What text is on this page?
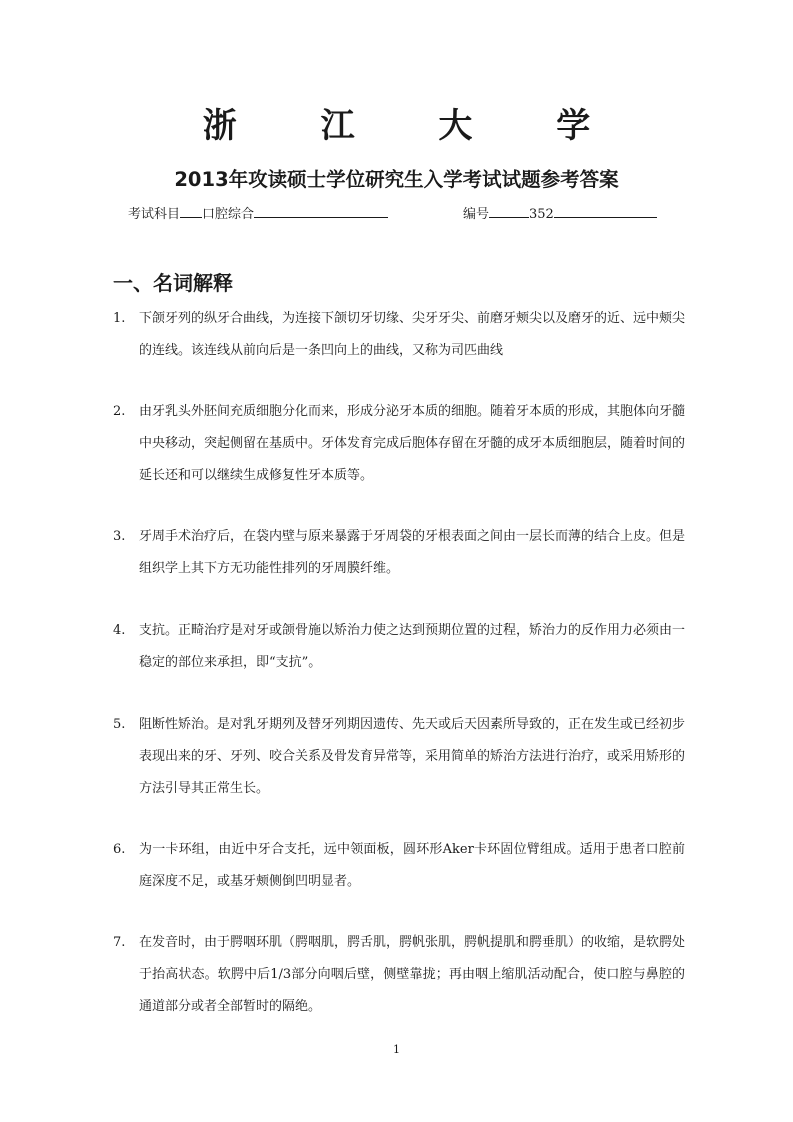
浙 江 大 学
2013年攻读硕士学位研究生入学考试试题参考答案
考试科目 口腔综合	编号	352
一、名词解释
1.	下颌牙列的纵牙合曲线，为连接下颌切牙切缘、尖牙牙尖、前磨牙颊尖以及磨牙的近、远中颊尖的连线。该连线从前向后是一条凹向上的曲线，又称为司匹曲线
2.	由牙乳头外胚间充质细胞分化而来，形成分泌牙本质的细胞。随着牙本质的形成，其胞体向牙髓中央移动，突起侧留在基质中。牙体发育完成后胞体存留在牙髓的成牙本质细胞层，随着时间的延长还和可以继续生成修复性牙本质等。
3.	牙周手术治疗后，在袋内壁与原来暴露于牙周袋的牙根表面之间由一层长而薄的结合上皮。但是组织学上其下方无功能性排列的牙周膜纤维。
4.	支抗。正畸治疗是对牙或颌骨施以矫治力使之达到预期位置的过程，矫治力的反作用力必须由一稳定的部位来承担，即“支抗”。
5.	阻断性矫治。是对乳牙期列及替牙列期因遗传、先天或后天因素所导致的，正在发生或已经初步表现出来的牙、牙列、咬合关系及骨发育异常等，采用简单的矫治方法进行治疗，或采用矫形的方法引导其正常生长。
6.	为一卡环组，由近中牙合支托，远中领面板，圆环形Aker卡环固位臂组成。适用于患者口腔前庭深度不足，或基牙颊侧倒凹明显者。
7.	在发音时，由于腭咽环肌（腭咽肌，腭舌肌，腭帆张肌，腭帆提肌和腭垂肌）的收缩，是软腭处于抬高状态。软腭中后1/3部分向咽后壁，侧壁靠拢；再由咽上缩肌活动配合，使口腔与鼻腔的通道部分或者全部暂时的隔绝。
1
